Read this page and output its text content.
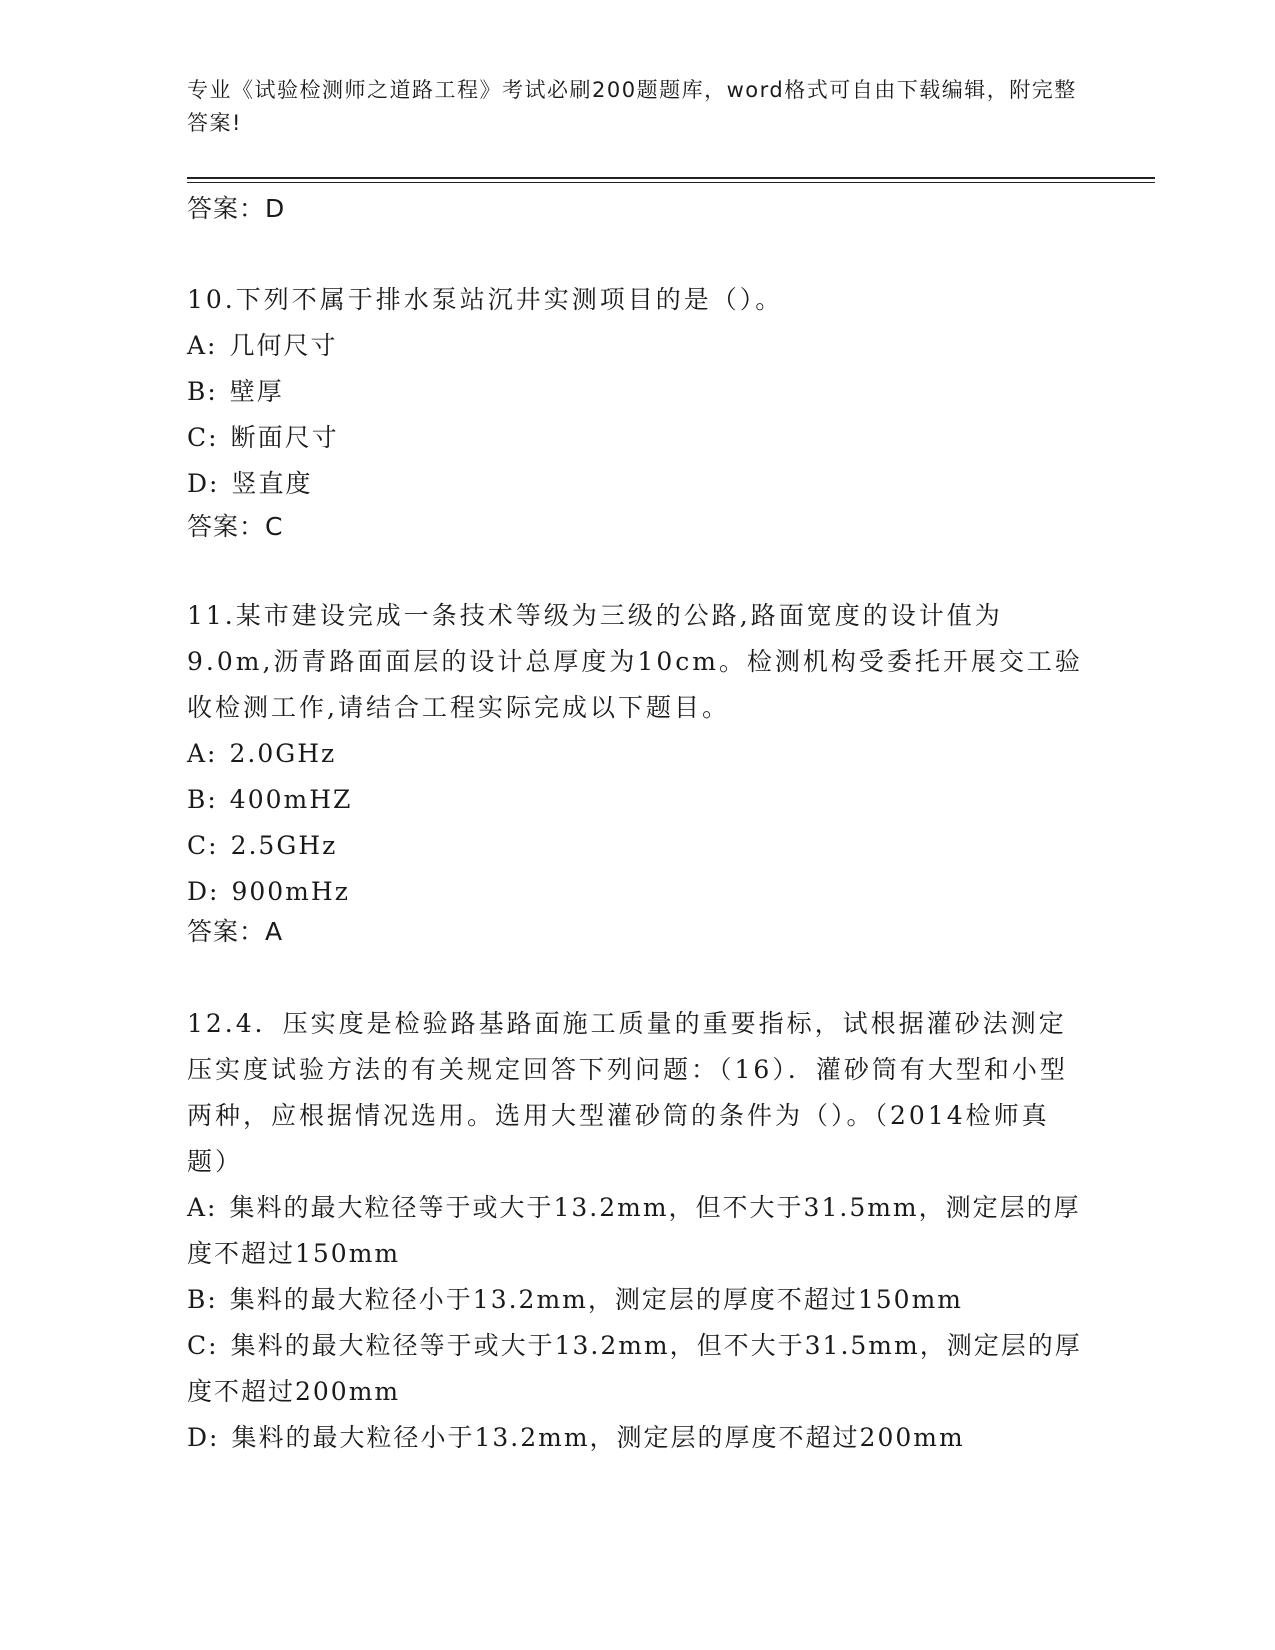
专业《试验检测师之道路工程》考试必刷200题题库，word格式可自由下载编辑，附完整答案!
答案：D
10.下列不属于排水泵站沉井实测项目的是（）。
A: 几何尺寸
B: 壁厚
C: 断面尺寸
D: 竖直度
答案：C
11.某市建设完成一条技术等级为三级的公路,路面宽度的设计值为9.0m,沥青路面面层的设计总厚度为10cm。检测机构受委托开展交工验收检测工作,请结合工程实际完成以下题目。
A: 2.0GHz
B: 400mHZ
C: 2.5GHz
D: 900mHz
答案：A
12.4．压实度是检验路基路面施工质量的重要指标，试根据灌砂法测定压实度试验方法的有关规定回答下列问题：（16）．灌砂筒有大型和小型两种，应根据情况选用。选用大型灌砂筒的条件为（）。（2014检师真题）
A: 集料的最大粒径等于或大于13.2mm，但不大于31.5mm，测定层的厚度不超过150mm
B: 集料的最大粒径小于13.2mm，测定层的厚度不超过150mm
C: 集料的最大粒径等于或大于13.2mm，但不大于31.5mm，测定层的厚度不超过200mm
D: 集料的最大粒径小于13.2mm，测定层的厚度不超过200mm
